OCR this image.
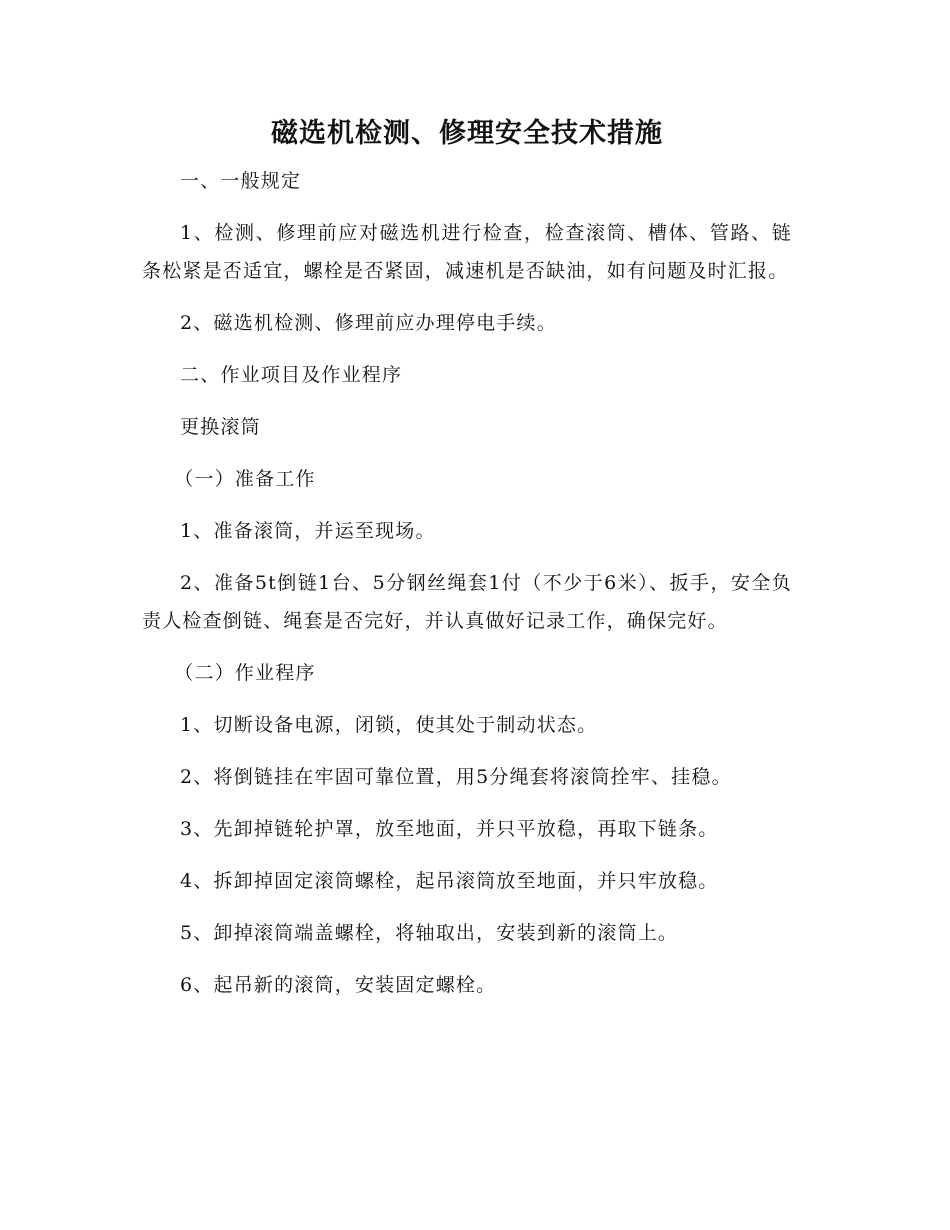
磁选机检测、修理安全技术措施

一、一般规定

1、检测、修理前应对磁选机进行检查，检查滚筒、槽体、管路、链条松紧是否适宜，螺栓是否紧固，减速机是否缺油，如有问题及时汇报。

2、磁选机检测、修理前应办理停电手续。

二、作业项目及作业程序

更换滚筒

（一）准备工作

1、准备滚筒，并运至现场。

2、准备5t倒链1台、5分钢丝绳套1付（不少于6米）、扳手，安全负责人检查倒链、绳套是否完好，并认真做好记录工作，确保完好。

（二）作业程序

1、切断设备电源，闭锁，使其处于制动状态。

2、将倒链挂在牢固可靠位置，用5分绳套将滚筒拴牢、挂稳。

3、先卸掉链轮护罩，放至地面，并只平放稳，再取下链条。

4、拆卸掉固定滚筒螺栓，起吊滚筒放至地面，并只牢放稳。

5、卸掉滚筒端盖螺栓，将轴取出，安装到新的滚筒上。

6、起吊新的滚筒，安装固定螺栓。
